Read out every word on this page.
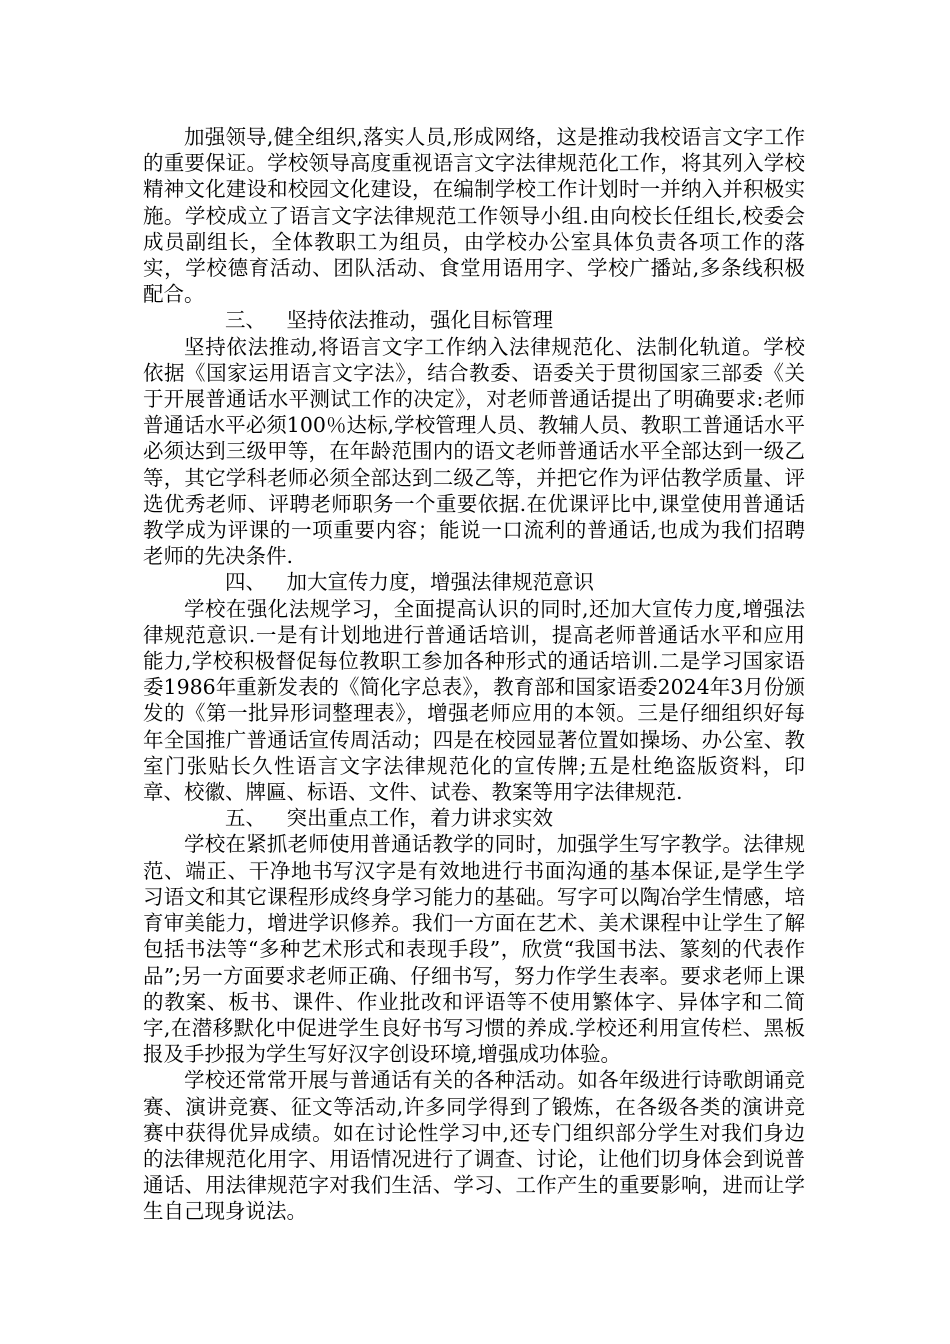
加强领导,健全组织,落实人员,形成网络，这是推动我校语言文字工作的重要保证。学校领导高度重视语言文字法律规范化工作，将其列入学校精神文化建设和校园文化建设，在编制学校工作计划时一并纳入并积极实施。学校成立了语言文字法律规范工作领导小组.由向校长任组长,校委会成员副组长，全体教职工为组员，由学校办公室具体负责各项工作的落实，学校德育活动、团队活动、食堂用语用字、学校广播站,多条线积极配合。

三、 坚持依法推动，强化目标管理

坚持依法推动,将语言文字工作纳入法律规范化、法制化轨道。学校依据《国家运用语言文字法》，结合教委、语委关于贯彻国家三部委《关于开展普通话水平测试工作的决定》，对老师普通话提出了明确要求:老师普通话水平必须100％达标,学校管理人员、教辅人员、教职工普通话水平必须达到三级甲等，在年龄范围内的语文老师普通话水平全部达到一级乙等，其它学科老师必须全部达到二级乙等，并把它作为评估教学质量、评选优秀老师、评聘老师职务一个重要依据.在优课评比中,课堂使用普通话教学成为评课的一项重要内容；能说一口流利的普通话,也成为我们招聘老师的先决条件.

四、 加大宣传力度，增强法律规范意识

学校在强化法规学习，全面提高认识的同时,还加大宣传力度,增强法律规范意识.一是有计划地进行普通话培训，提高老师普通话水平和应用能力,学校积极督促每位教职工参加各种形式的通话培训.二是学习国家语委1986年重新发表的《简化字总表》，教育部和国家语委2024年3月份颁发的《第一批异形词整理表》，增强老师应用的本领。三是仔细组织好每年全国推广普通话宣传周活动；四是在校园显著位置如操场、办公室、教室门张贴长久性语言文字法律规范化的宣传牌;五是杜绝盗版资料，印章、校徽、牌匾、标语、文件、试卷、教案等用字法律规范.

五、 突出重点工作，着力讲求实效

学校在紧抓老师使用普通话教学的同时，加强学生写字教学。法律规范、端正、干净地书写汉字是有效地进行书面沟通的基本保证,是学生学习语文和其它课程形成终身学习能力的基础。写字可以陶冶学生情感，培育审美能力，增进学识修养。我们一方面在艺术、美术课程中让学生了解包括书法等“多种艺术形式和表现手段”，欣赏“我国书法、篆刻的代表作品”;另一方面要求老师正确、仔细书写，努力作学生表率。要求老师上课的教案、板书、课件、作业批改和评语等不使用繁体字、异体字和二简字,在潜移默化中促进学生良好书写习惯的养成.学校还利用宣传栏、黑板报及手抄报为学生写好汉字创设环境,增强成功体验。

学校还常常开展与普通话有关的各种活动。如各年级进行诗歌朗诵竞赛、演讲竞赛、征文等活动,许多同学得到了锻炼，在各级各类的演讲竞赛中获得优异成绩。如在讨论性学习中,还专门组织部分学生对我们身边的法律规范化用字、用语情况进行了调查、讨论，让他们切身体会到说普通话、用法律规范字对我们生活、学习、工作产生的重要影响，进而让学生自己现身说法。
